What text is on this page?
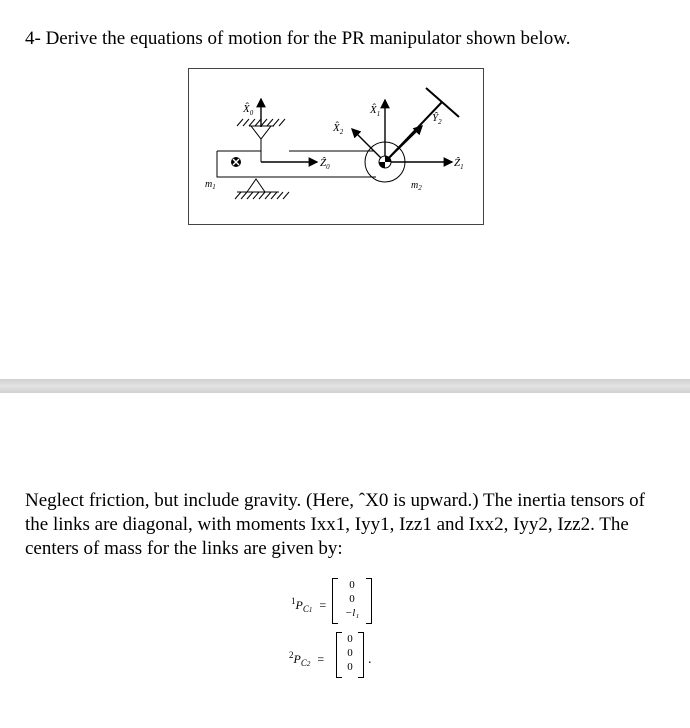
4- Derive the equations of motion for the PR manipulator shown below.
$X̂_0$
Ẑ$_0$
$m_1$
$X̂_2$
$X̂_1$	$Ŷ_2$
Ẑ$_1$
$m_2$

Neglect friction, but include gravity. (Here, ˆX0 is upward.) The inertia tensors of the links are diagonal, with moments Ixx1, Iyy1, Izz1 and Ixx2, Iyy2, Izz2. The centers of mass for the links are given by:

$^1P_{C1}$ =
0
0
−l₁
$^2P_{C2}$ =
0
0
0	.
